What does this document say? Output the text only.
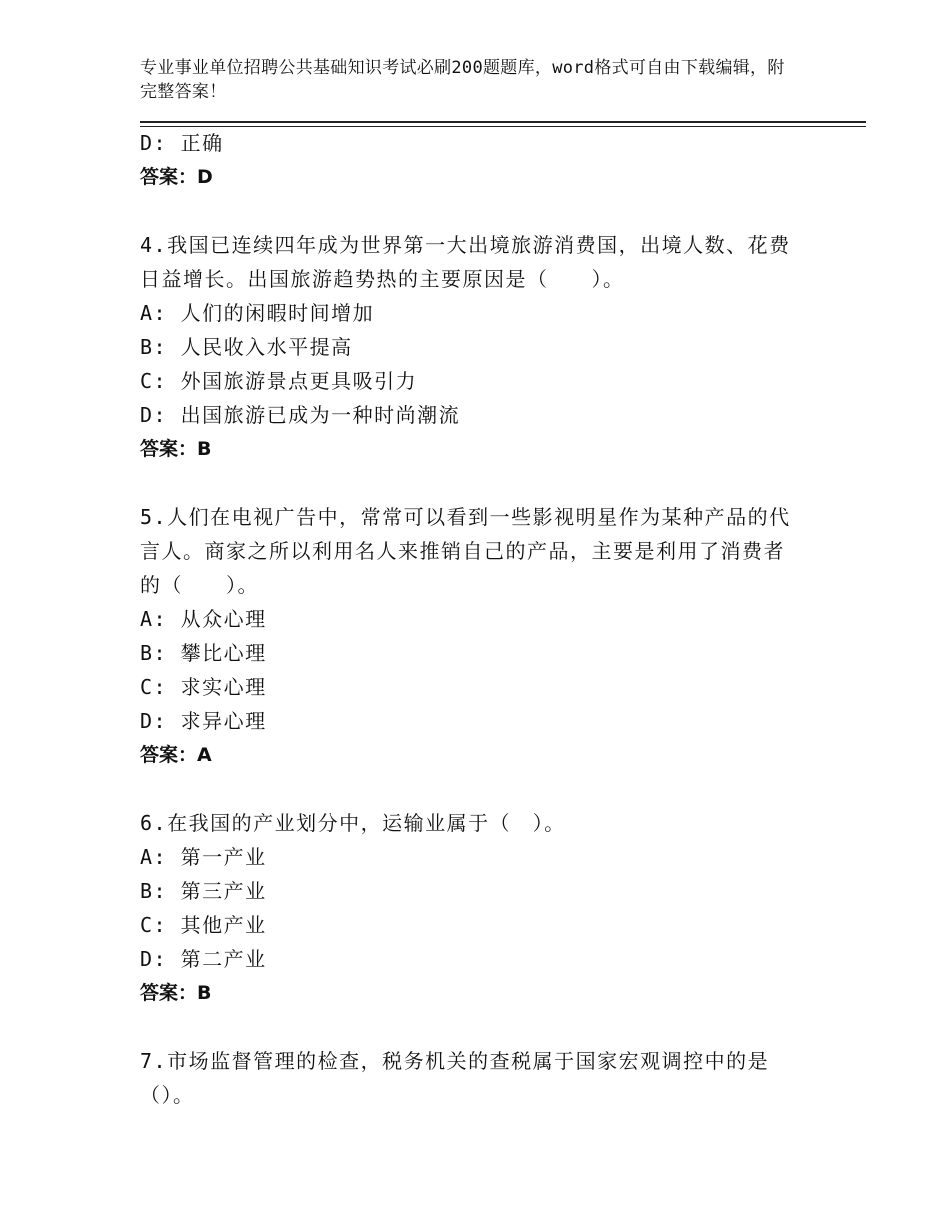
专业事业单位招聘公共基础知识考试必刷200题题库，word格式可自由下载编辑，附完整答案！
D: 正确
答案：D
4.我国已连续四年成为世界第一大出境旅游消费国，出境人数、花费日益增长。出国旅游趋势热的主要原因是（　　）。
A: 人们的闲暇时间增加
B: 人民收入水平提高
C: 外国旅游景点更具吸引力
D: 出国旅游已成为一种时尚潮流
答案：B
5.人们在电视广告中，常常可以看到一些影视明星作为某种产品的代言人。商家之所以利用名人来推销自己的产品，主要是利用了消费者的（　　）。
A: 从众心理
B: 攀比心理
C: 求实心理
D: 求异心理
答案：A
6.在我国的产业划分中，运输业属于（　）。
A: 第一产业
B: 第三产业
C: 其他产业
D: 第二产业
答案：B
7.市场监督管理的检查，税务机关的查税属于国家宏观调控中的是（）。
